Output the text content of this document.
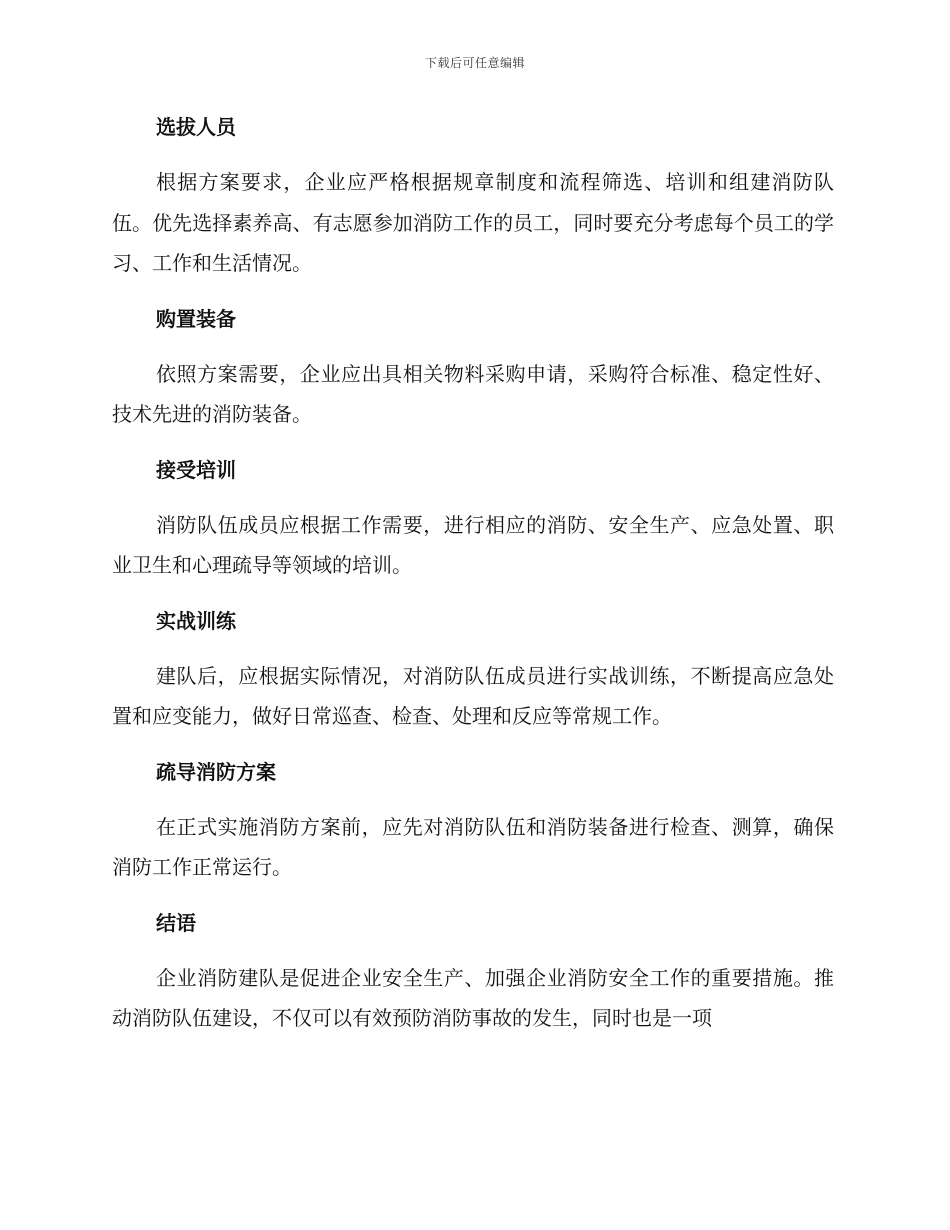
下载后可任意编辑
选拔人员

根据方案要求，企业应严格根据规章制度和流程筛选、培训和组建消防队伍。优先选择素养高、有志愿参加消防工作的员工，同时要充分考虑每个员工的学习、工作和生活情况。

购置装备

依照方案需要，企业应出具相关物料采购申请，采购符合标准、稳定性好、技术先进的消防装备。

接受培训

消防队伍成员应根据工作需要，进行相应的消防、安全生产、应急处置、职业卫生和心理疏导等领域的培训。

实战训练

建队后，应根据实际情况，对消防队伍成员进行实战训练，不断提高应急处置和应变能力，做好日常巡查、检查、处理和反应等常规工作。

疏导消防方案

在正式实施消防方案前，应先对消防队伍和消防装备进行检查、测算，确保消防工作正常运行。

结语

企业消防建队是促进企业安全生产、加强企业消防安全工作的重要措施。推动消防队伍建设，不仅可以有效预防消防事故的发生，同时也是一项
